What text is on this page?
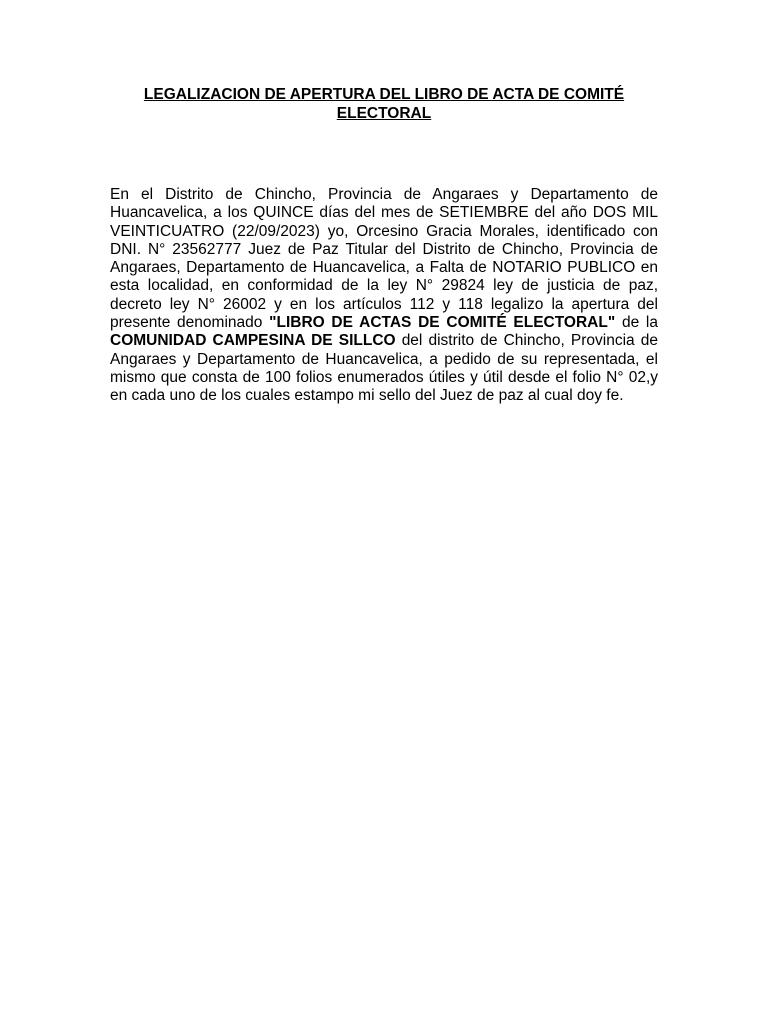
LEGALIZACION DE APERTURA DEL LIBRO DE ACTA DE COMITÉ
ELECTORAL

En el Distrito de Chincho, Provincia de Angaraes y Departamento de Huancavelica, a los QUINCE días del mes de SETIEMBRE del año DOS MIL VEINTICUATRO (22/09/2023) yo, Orcesino Gracia Morales, identificado con DNI. N° 23562777 Juez de Paz Titular del Distrito de Chincho, Provincia de Angaraes, Departamento de Huancavelica, a Falta de NOTARIO PUBLICO en esta localidad, en conformidad de la ley N° 29824 ley de justicia de paz, decreto ley N° 26002 y en los artículos 112 y 118 legalizo la apertura del presente denominado "LIBRO DE ACTAS DE COMITÉ ELECTORAL" de la COMUNIDAD CAMPESINA DE SILLCO del distrito de Chincho, Provincia de Angaraes y Departamento de Huancavelica, a pedido de su representada, el mismo que consta de 100 folios enumerados útiles y útil desde el folio N° 02,y en cada uno de los cuales estampo mi sello del Juez de paz al cual doy fe.
